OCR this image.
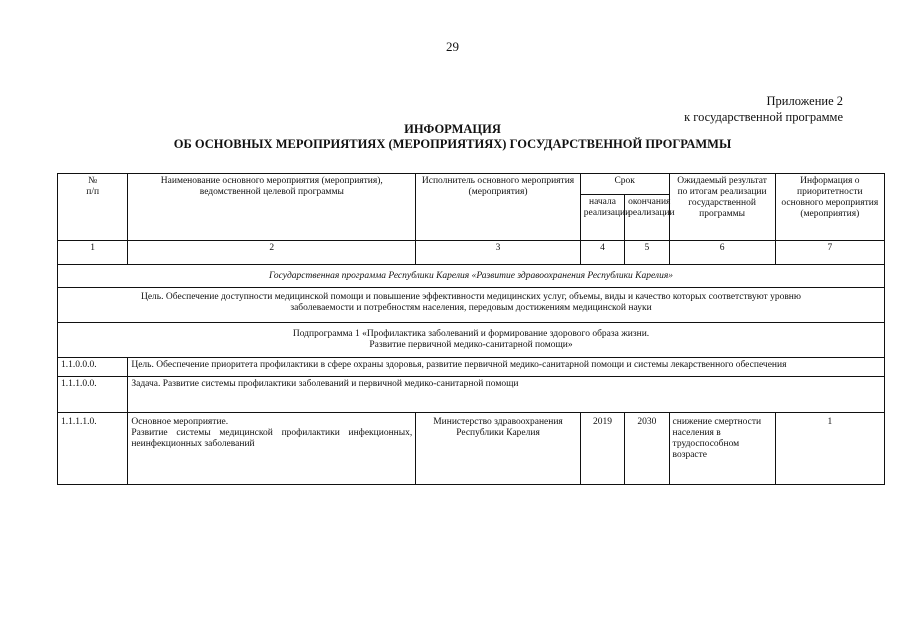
29
Приложение 2
к государственной программе
ИНФОРМАЦИЯ
ОБ ОСНОВНЫХ МЕРОПРИЯТИЯХ (МЕРОПРИЯТИЯХ) ГОСУДАРСТВЕННОЙ ПРОГРАММЫ
№
п/п	Наименование основного мероприятия (мероприятия), ведомственной целевой программы	Исполнитель основного мероприятия (мероприятия)	Срок		Ожидаемый результат по итогам реализации государственной программы	Информация о приоритетности основного мероприятия (мероприятия)
			начала реализации	окончания реализации		
1	2	3	4	5	6	7
Государственная программа Республики Карелия «Развитие здравоохранения Республики Карелия»						
Цель. Обеспечение доступности медицинской помощи и повышение эффективности медицинских услуг, объемы, виды и качество которых соответствуют уровню заболеваемости и потребностям населения, передовым достижениям медицинской науки						

Подпрограмма 1 «Профилактика заболеваний и формирование здорового образа жизни.
Развитие первичной медико-санитарной помощи»						

1.1.0.0.0.	Цель. Обеспечение приоритета профилактики в сфере охраны здоровья, развитие первичной медико-санитарной помощи и системы лекарственного обеспечения					
1.1.1.0.0.	Задача. Развитие системы профилактики заболеваний и первичной медико-санитарной помощи					
1.1.1.1.0.	Основное мероприятие.
Развитие системы медицинской профилактики инфекционных, неинфекционных заболеваний	Министерство здравоохранения Республики Карелия	2019	2030	снижение смертности населения в трудоспособном возрасте	1
